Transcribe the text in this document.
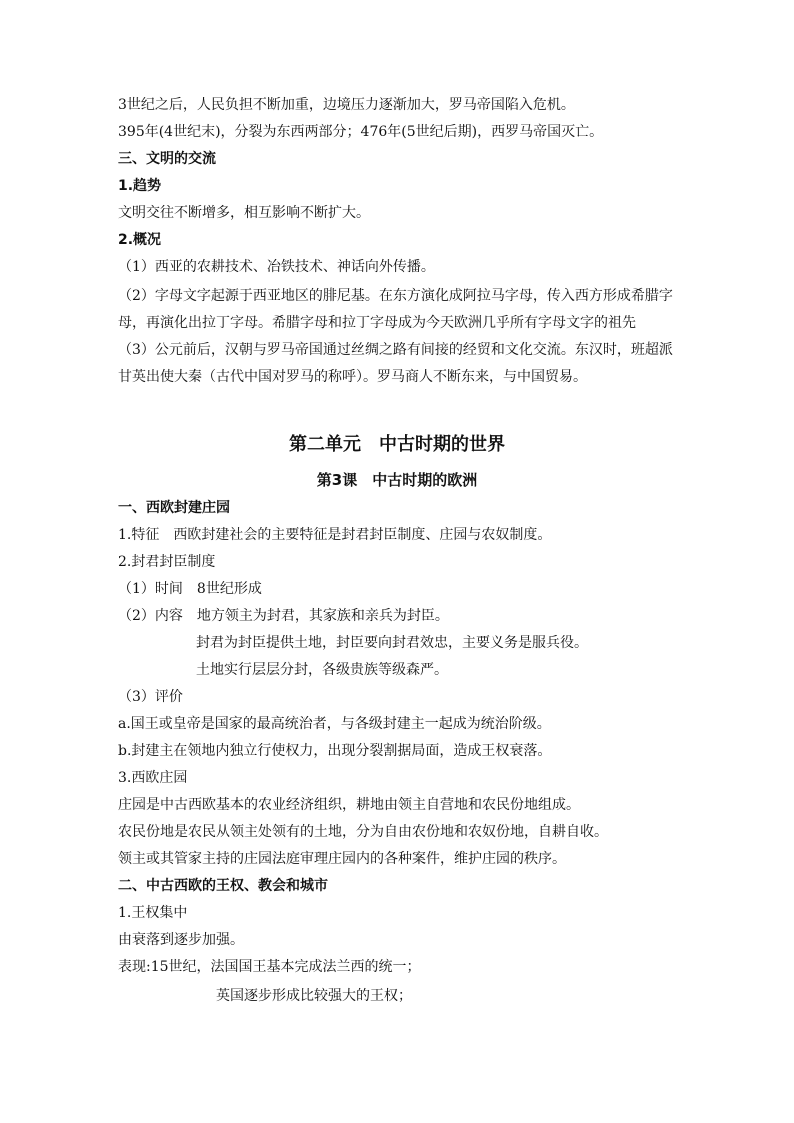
3世纪之后，人民负担不断加重，边境压力逐渐加大，罗马帝国陷入危机。
395年(4世纪末)，分裂为东西两部分；476年(5世纪后期)，西罗马帝国灭亡。
三、文明的交流
1.趋势
文明交往不断增多，相互影响不断扩大。
2.概况
（1）西亚的农耕技术、冶铁技术、神话向外传播。
（2）字母文字起源于西亚地区的腓尼基。在东方演化成阿拉马字母，传入西方形成希腊字
母，再演化出拉丁字母。希腊字母和拉丁字母成为今天欧洲几乎所有字母文字的祖先
（3）公元前后，汉朝与罗马帝国通过丝绸之路有间接的经贸和文化交流。东汉时，班超派
甘英出使大秦（古代中国对罗马的称呼）。罗马商人不断东来，与中国贸易。
第二单元　中古时期的世界
第3课　中古时期的欧洲
一、西欧封建庄园
1.特征　西欧封建社会的主要特征是封君封臣制度、庄园与农奴制度。
2.封君封臣制度
（1）时间　8世纪形成
（2）内容　地方领主为封君，其家族和亲兵为封臣。
封君为封臣提供土地，封臣要向封君效忠，主要义务是服兵役。
土地实行层层分封，各级贵族等级森严。
（3）评价
a.国王或皇帝是国家的最高统治者，与各级封建主一起成为统治阶级。
b.封建主在领地内独立行使权力，出现分裂割据局面，造成王权衰落。
3.西欧庄园
庄园是中古西欧基本的农业经济组织，耕地由领主自营地和农民份地组成。
农民份地是农民从领主处领有的土地，分为自由农份地和农奴份地，自耕自收。
领主或其管家主持的庄园法庭审理庄园内的各种案件，维护庄园的秩序。
二、中古西欧的王权、教会和城市
1.王权集中
由衰落到逐步加强。
表现:15世纪，法国国王基本完成法兰西的统一；
英国逐步形成比较强大的王权；
